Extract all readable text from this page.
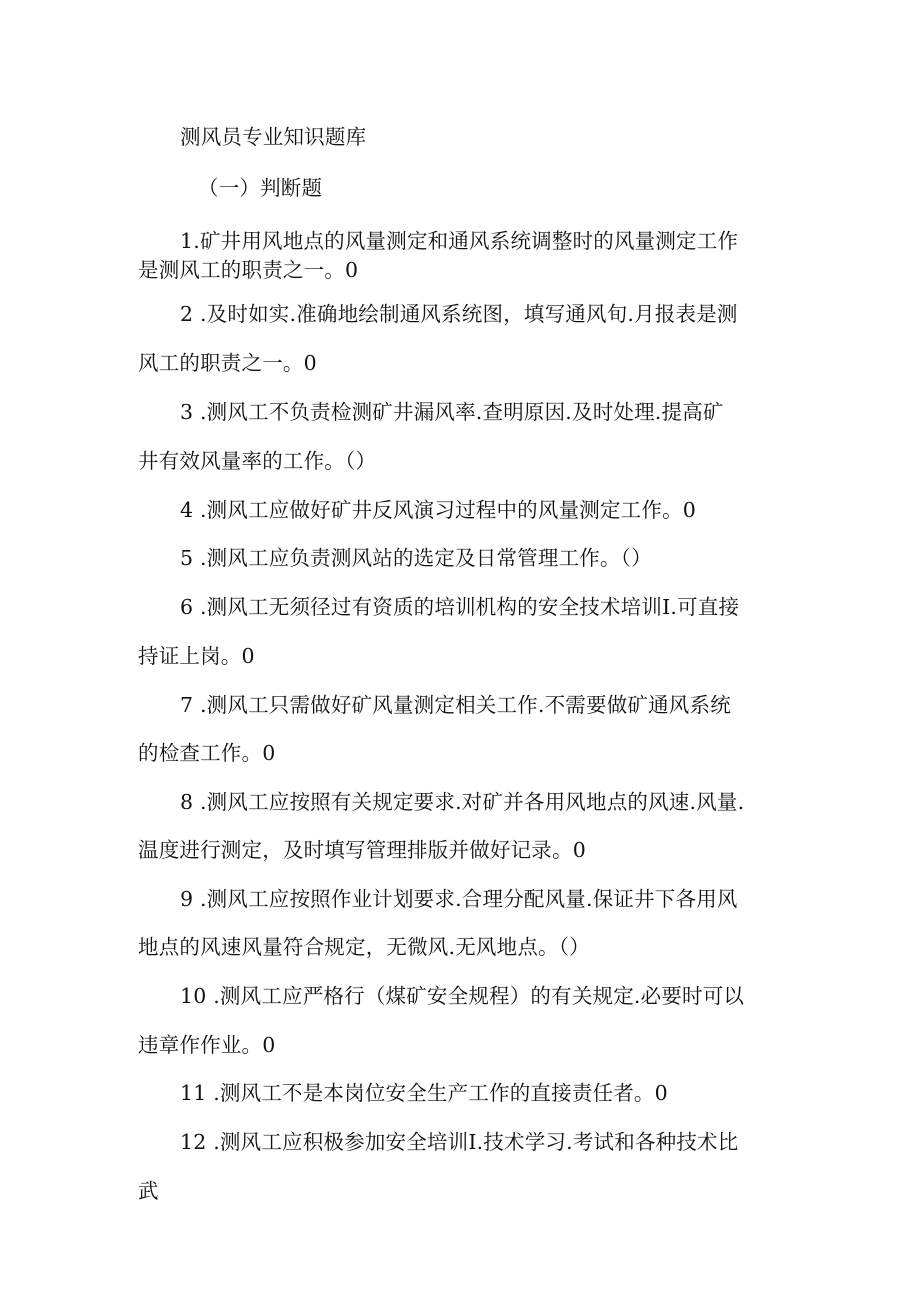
测风员专业知识题库
（一）判断题
1.矿井用风地点的风量测定和通风系统调整时的风量测定工作
是测风工的职责之一。0
2 .及时如实.准确地绘制通风系统图，填写通风旬.月报表是测
风工的职责之一。0
3 .测风工不负责检测矿井漏风率.查明原因.及时处理.提高矿
井有效风量率的工作。（）
4 .测风工应做好矿井反风演习过程中的风量测定工作。0
5 .测风工应负责测风站的选定及日常管理工作。（）
6 .测风工无须径过有资质的培训机构的安全技术培训I.可直接
持证上岗。0
7 .测风工只需做好矿风量测定相关工作.不需要做矿通风系统
的检查工作。0
8 .测风工应按照有关规定要求.对矿并各用风地点的风速.风量.
温度进行测定，及时填写管理排版并做好记录。0
9 .测风工应按照作业计划要求.合理分配风量.保证井下各用风
地点的风速风量符合规定，无微风.无风地点。（）
10 .测风工应严格行（煤矿安全规程）的有关规定.必要时可以
违章作作业。0
11 .测风工不是本岗位安全生产工作的直接责任者。0
12 .测风工应积极参加安全培训I.技术学习.考试和各种技术比
武
